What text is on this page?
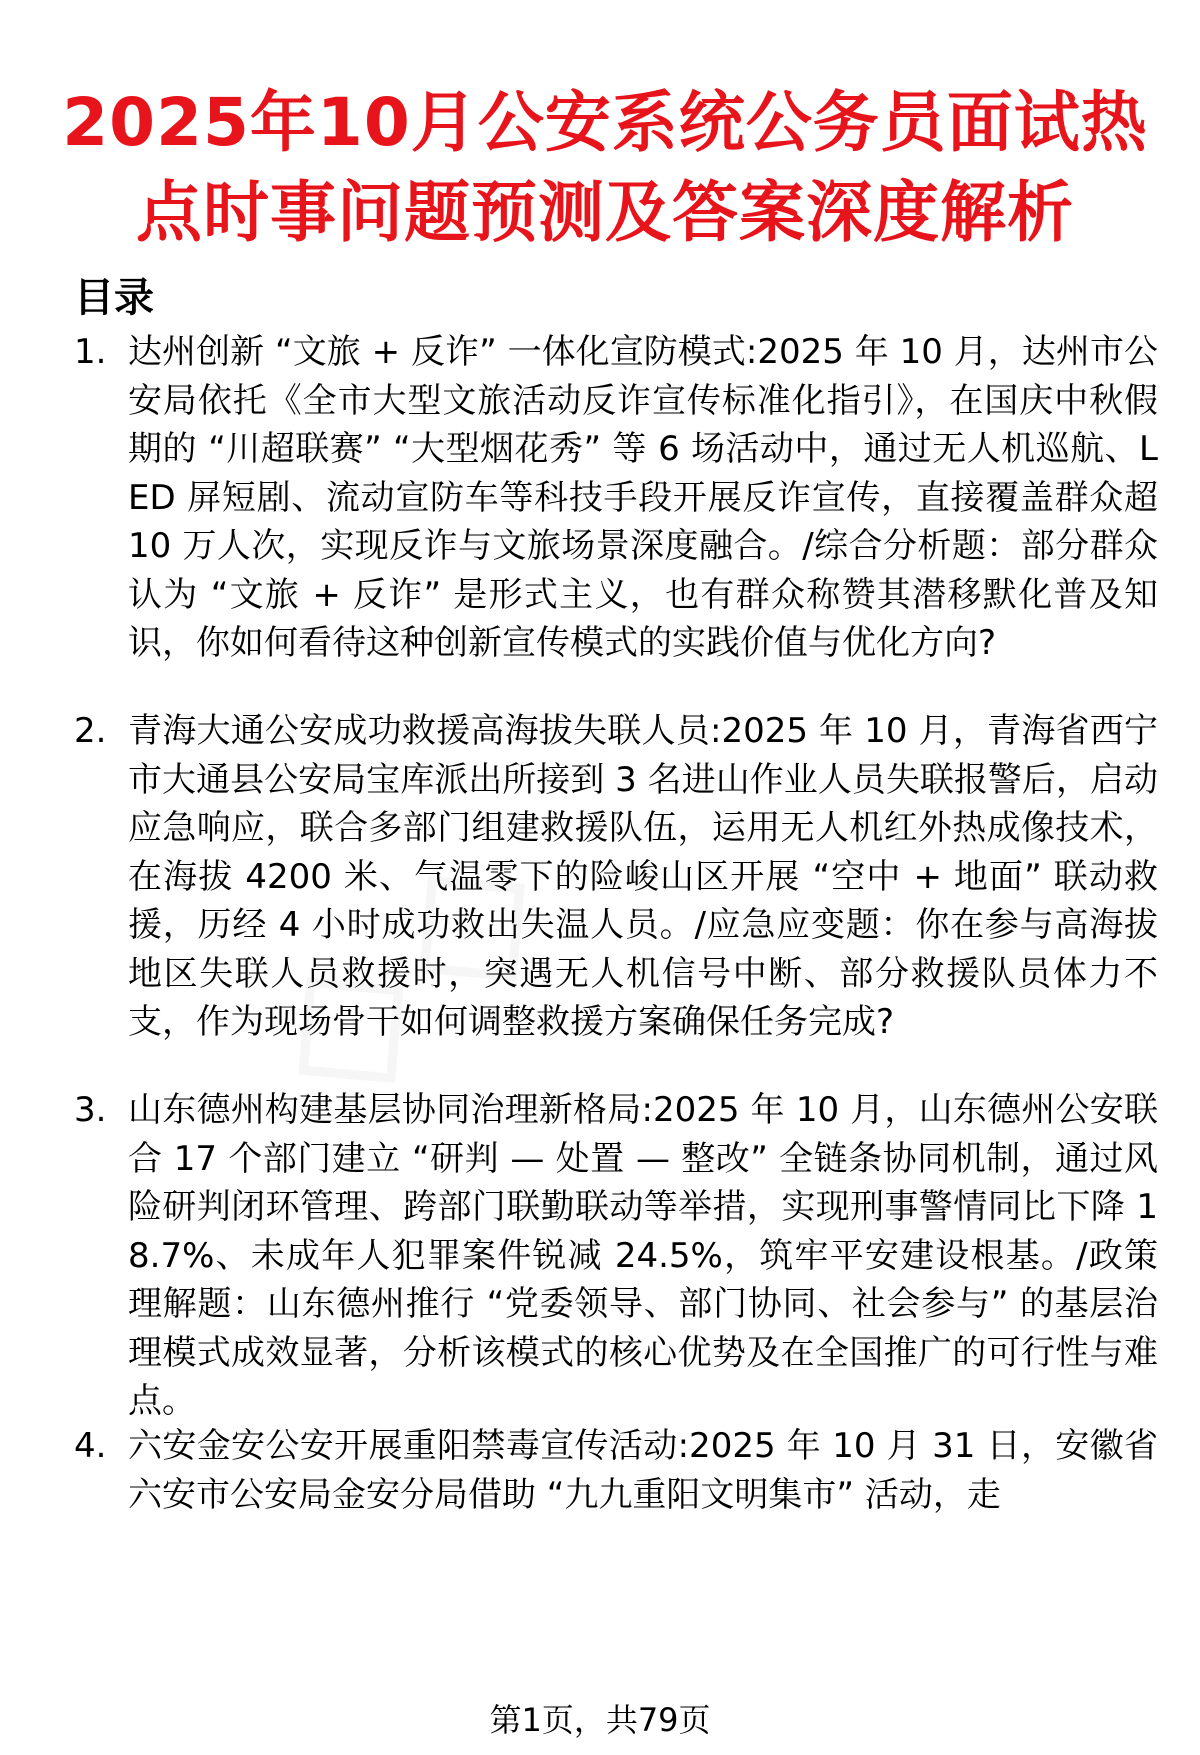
2025年10月公安系统公务员面试热点时事问题预测及答案深度解析
目录
1. 达州创新 “文旅 + 反诈” 一体化宣防模式:2025 年 10 月，达州市公安局依托《全市大型文旅活动反诈宣传标准化指引》，在国庆中秋假期的 “川超联赛” “大型烟花秀” 等 6 场活动中，通过无人机巡航、LED 屏短剧、流动宣防车等科技手段开展反诈宣传，直接覆盖群众超 10 万人次，实现反诈与文旅场景深度融合。/综合分析题：部分群众认为 “文旅 + 反诈” 是形式主义，也有群众称赞其潜移默化普及知识，你如何看待这种创新宣传模式的实践价值与优化方向?
2. 青海大通公安成功救援高海拔失联人员:2025 年 10 月，青海省西宁市大通县公安局宝库派出所接到 3 名进山作业人员失联报警后，启动应急响应，联合多部门组建救援队伍，运用无人机红外热成像技术，在海拔 4200 米、气温零下的险峻山区开展 “空中 + 地面” 联动救援，历经 4 小时成功救出失温人员。/应急应变题：你在参与高海拔地区失联人员救援时，突遇无人机信号中断、部分救援队员体力不支，作为现场骨干如何调整救援方案确保任务完成?
3. 山东德州构建基层协同治理新格局:2025 年 10 月，山东德州公安联合 17 个部门建立 “研判 — 处置 — 整改” 全链条协同机制，通过风险研判闭环管理、跨部门联勤联动等举措，实现刑事警情同比下降 18.7%、未成年人犯罪案件锐减 24.5%，筑牢平安建设根基。/政策理解题：山东德州推行 “党委领导、部门协同、社会参与” 的基层治理模式成效显著，分析该模式的核心优势及在全国推广的可行性与难点。
4. 六安金安公安开展重阳禁毒宣传活动:2025 年 10 月 31 日，安徽省六安市公安局金安分局借助 “九九重阳文明集市” 活动，走
第1页，共79页
